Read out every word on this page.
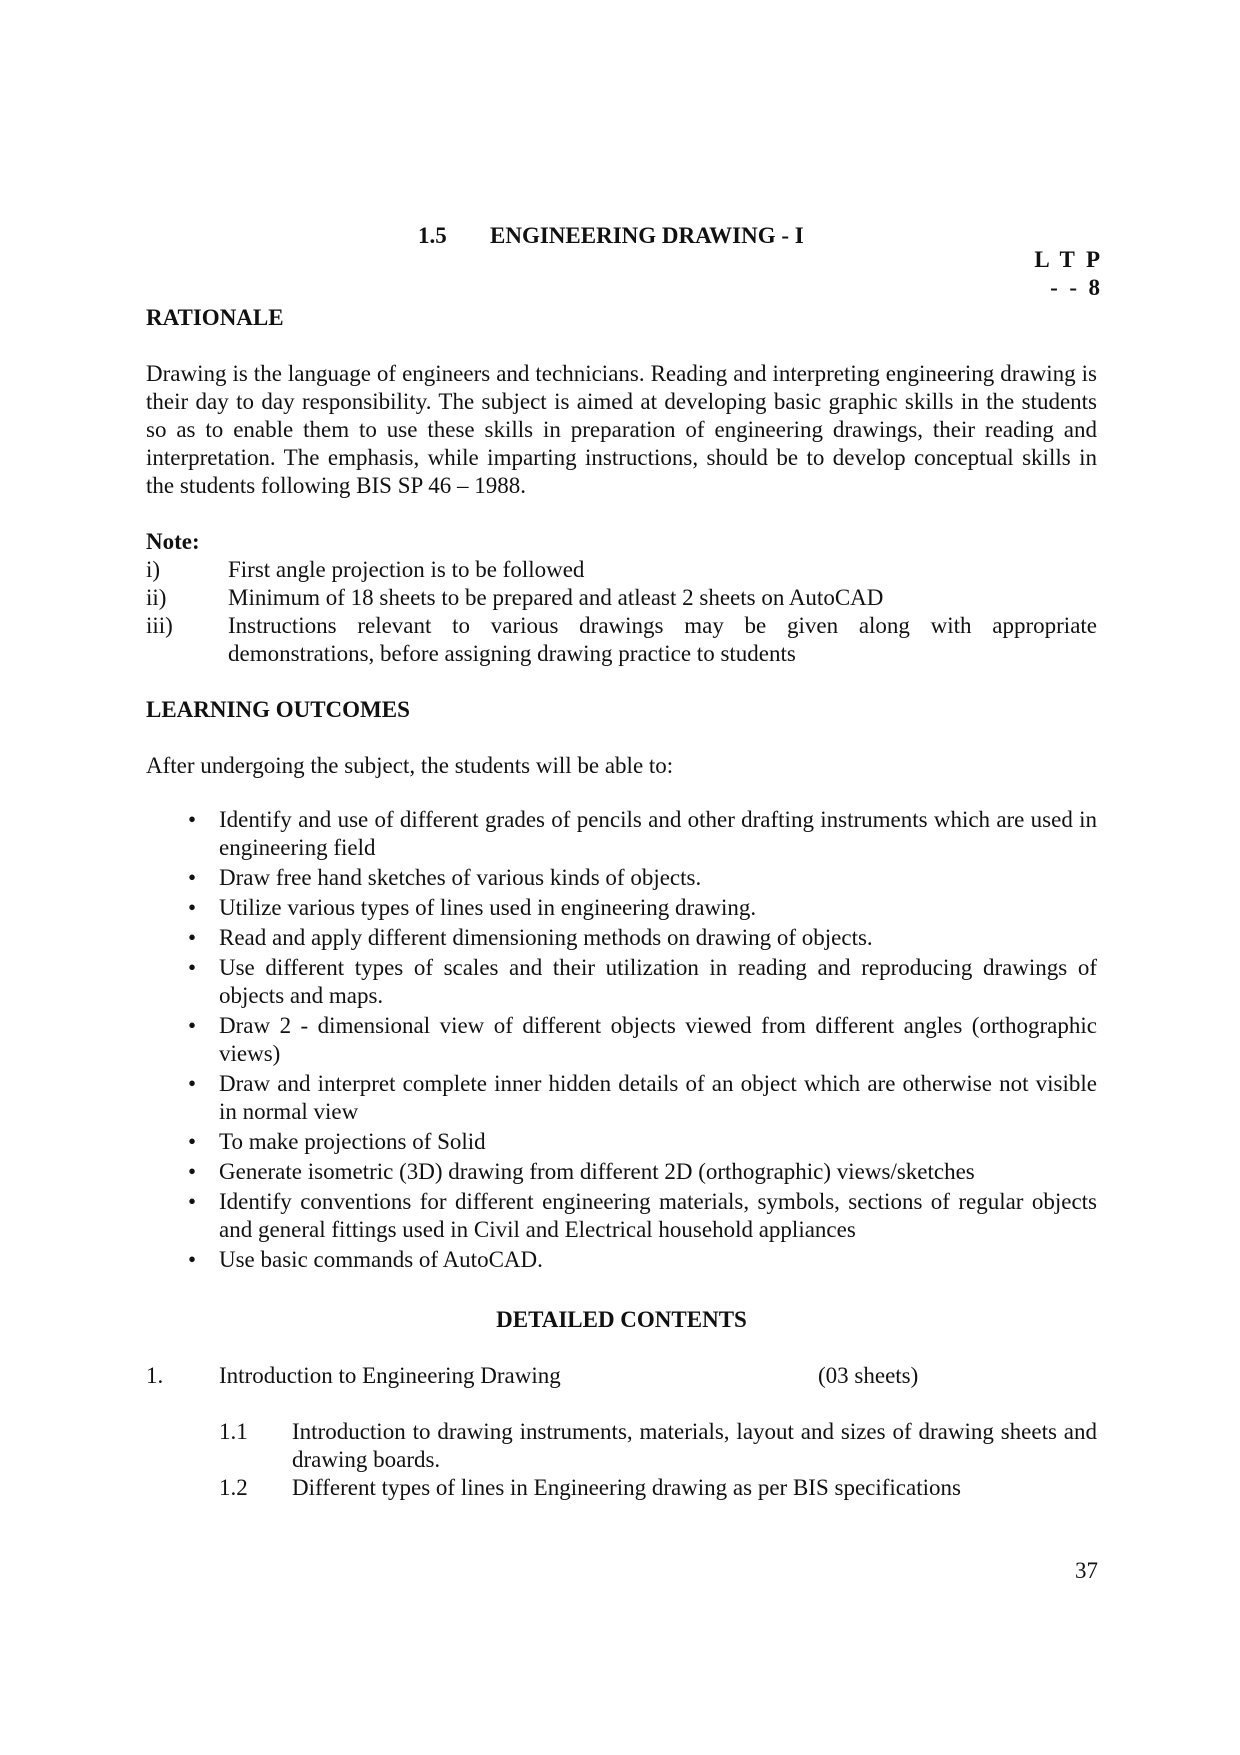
1.5 ENGINEERING DRAWING - I
L  T  P
-  -  8
RATIONALE
Drawing is the language of engineers and technicians. Reading and interpreting engineering drawing is their day to day responsibility. The subject is aimed at developing basic graphic skills in the students so as to enable them to use these skills in preparation of engineering drawings, their reading and interpretation. The emphasis, while imparting instructions, should be to develop conceptual skills in the students following BIS SP 46 – 1988.
Note:
i)	First angle projection is to be followed
ii)	Minimum of 18 sheets to be prepared and atleast 2 sheets on AutoCAD
iii) Instructions relevant to various drawings may be given along with appropriate demonstrations, before assigning drawing practice to students
LEARNING OUTCOMES
After undergoing the subject, the students will be able to:
• Identify and use of different grades of pencils and other drafting instruments which are used in engineering field
• Draw free hand sketches of various kinds of objects.
• Utilize various types of lines used in engineering drawing.
• Read and apply different dimensioning methods on drawing of objects.
• Use different types of scales and their utilization in reading and reproducing drawings of objects and maps.
• Draw 2 - dimensional view of different objects viewed from different angles (orthographic views)
• Draw and interpret complete inner hidden details of an object which are otherwise not visible in normal view
• To make projections of Solid
• Generate isometric (3D) drawing from different 2D (orthographic) views/sketches
• Identify conventions for different engineering materials, symbols, sections of regular objects and general fittings used in Civil and Electrical household appliances
• Use basic commands of AutoCAD.
DETAILED CONTENTS
1. Introduction to Engineering Drawing	(03 sheets)
1.1 Introduction to drawing instruments, materials, layout and sizes of drawing sheets and drawing boards.
1.2 Different types of lines in Engineering drawing as per BIS specifications
37
